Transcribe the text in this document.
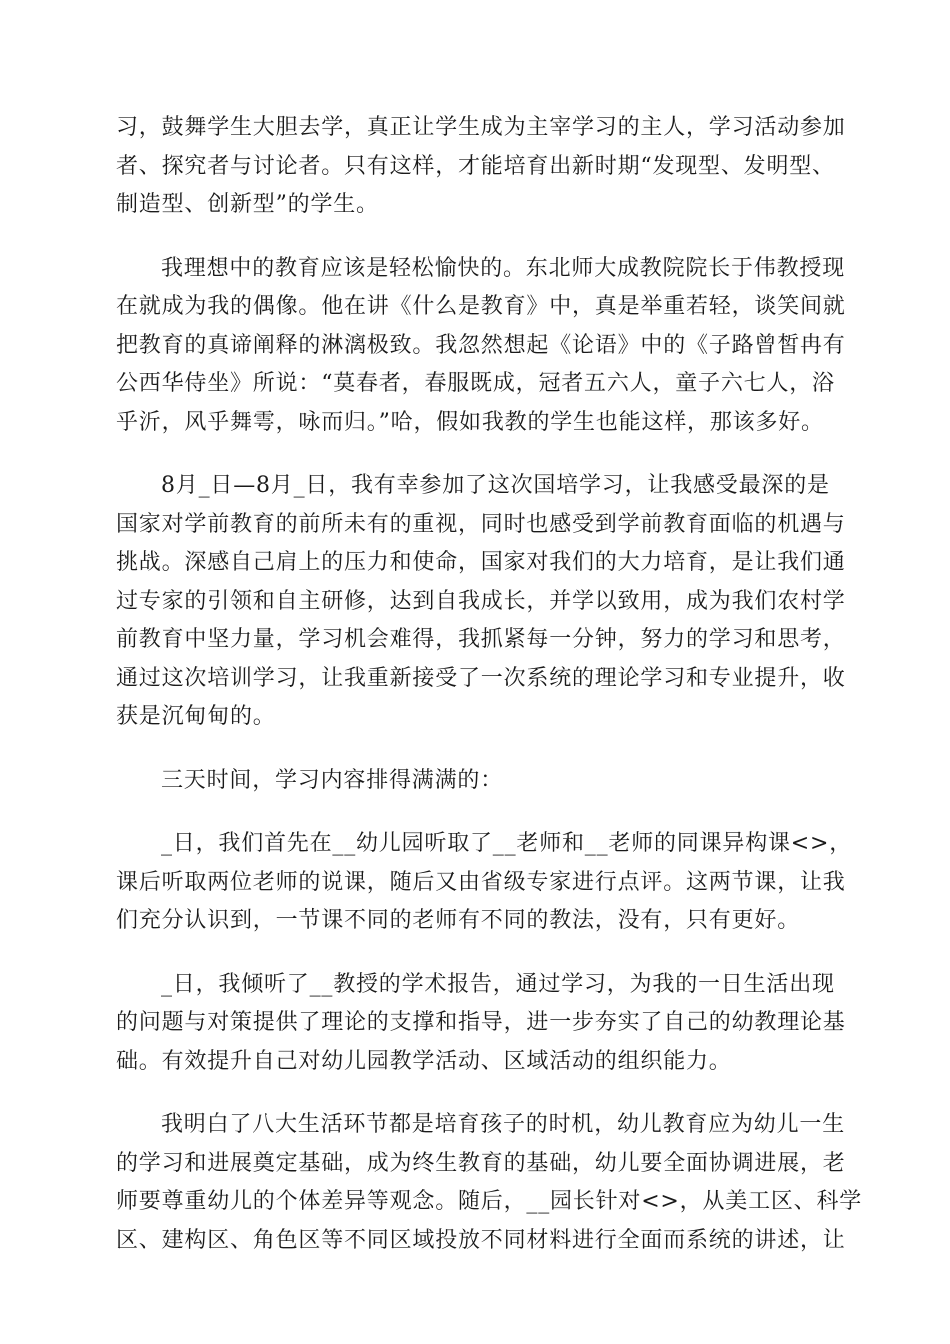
习，鼓舞学生大胆去学，真正让学生成为主宰学习的主人，学习活动参加
者、探究者与讨论者。只有这样，才能培育出新时期“发现型、发明型、
制造型、创新型”的学生。

我理想中的教育应该是轻松愉快的。东北师大成教院院长于伟教授现
在就成为我的偶像。他在讲《什么是教育》中，真是举重若轻，谈笑间就
把教育的真谛阐释的淋漓极致。我忽然想起《论语》中的《子路曾皙冉有
公西华侍坐》所说：“莫春者，春服既成，冠者五六人，童子六七人，浴
乎沂，风乎舞雩，咏而归。”哈，假如我教的学生也能这样，那该多好。

8月_日—8月_日，我有幸参加了这次国培学习，让我感受最深的是
国家对学前教育的前所未有的重视，同时也感受到学前教育面临的机遇与
挑战。深感自己肩上的压力和使命，国家对我们的大力培育，是让我们通
过专家的引领和自主研修，达到自我成长，并学以致用，成为我们农村学
前教育中坚力量，学习机会难得，我抓紧每一分钟，努力的学习和思考，
通过这次培训学习，让我重新接受了一次系统的理论学习和专业提升，收
获是沉甸甸的。

三天时间，学习内容排得满满的：

_日，我们首先在__幼儿园听取了__老师和__老师的同课异构课<>，
课后听取两位老师的说课，随后又由省级专家进行点评。这两节课，让我
们充分认识到，一节课不同的老师有不同的教法，没有，只有更好。

_日，我倾听了__教授的学术报告，通过学习，为我的一日生活出现
的问题与对策提供了理论的支撑和指导，进一步夯实了自己的幼教理论基
础。有效提升自己对幼儿园教学活动、区域活动的组织能力。

我明白了八大生活环节都是培育孩子的时机，幼儿教育应为幼儿一生
的学习和进展奠定基础，成为终生教育的基础，幼儿要全面协调进展，老
师要尊重幼儿的个体差异等观念。随后，__园长针对<>，从美工区、科学
区、建构区、角色区等不同区域投放不同材料进行全面而系统的讲述，让
